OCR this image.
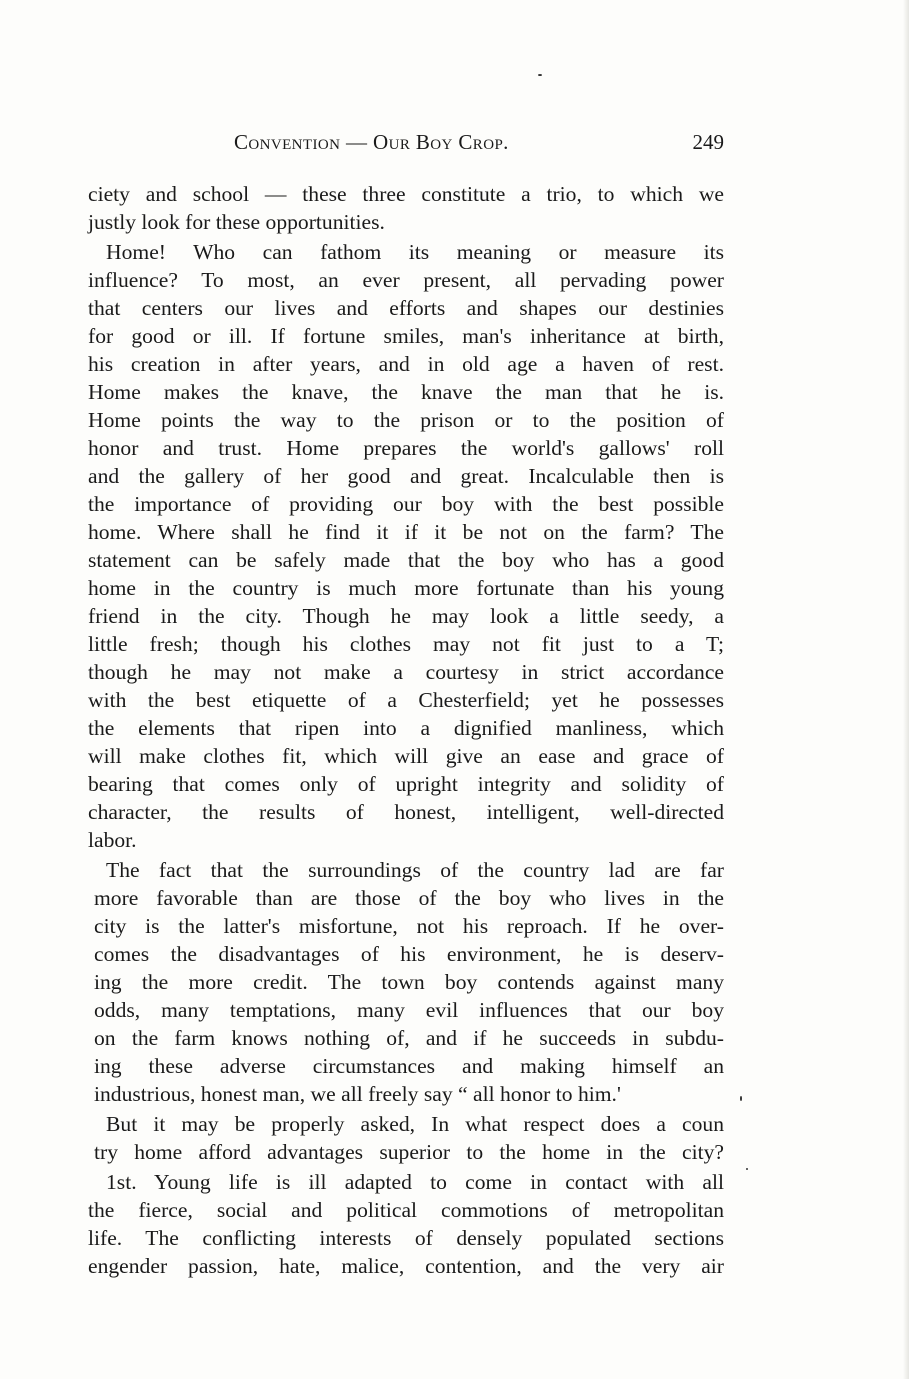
Convention — Our Boy Crop.	249
ciety and school — these three constitute a trio, to which we
justly look for these opportunities.
Home! Who can fathom its meaning or measure its
influence? To most, an ever present, all pervading power
that centers our lives and efforts and shapes our destinies
for good or ill. If fortune smiles, man's inheritance at birth,
his creation in after years, and in old age a haven of rest.
Home makes the knave, the knave the man that he is.
Home points the way to the prison or to the position of
honor and trust. Home prepares the world's gallows' roll
and the gallery of her good and great. Incalculable then is
the importance of providing our boy with the best possible
home. Where shall he find it if it be not on the farm? The
statement can be safely made that the boy who has a good
home in the country is much more fortunate than his young
friend in the city. Though he may look a little seedy, a
little fresh; though his clothes may not fit just to a T;
though he may not make a courtesy in strict accordance
with the best etiquette of a Chesterfield; yet he possesses
the elements that ripen into a dignified manliness, which
will make clothes fit, which will give an ease and grace of
bearing that comes only of upright integrity and solidity of
character, the results of honest, intelligent, well-directed
labor.
The fact that the surroundings of the country lad are far
more favorable than are those of the boy who lives in the
city is the latter's misfortune, not his reproach. If he over-
comes the disadvantages of his environment, he is deserv-
ing the more credit. The town boy contends against many
odds, many temptations, many evil influences that our boy
on the farm knows nothing of, and if he succeeds in subdu-
ing these adverse circumstances and making himself an
industrious, honest man, we all freely say “ all honor to him.'
But it may be properly asked, In what respect does a coun
try home afford advantages superior to the home in the city?
1st. Young life is ill adapted to come in contact with all
the fierce, social and political commotions of metropolitan
life. The conflicting interests of densely populated sections
engender passion, hate, malice, contention, and the very air
